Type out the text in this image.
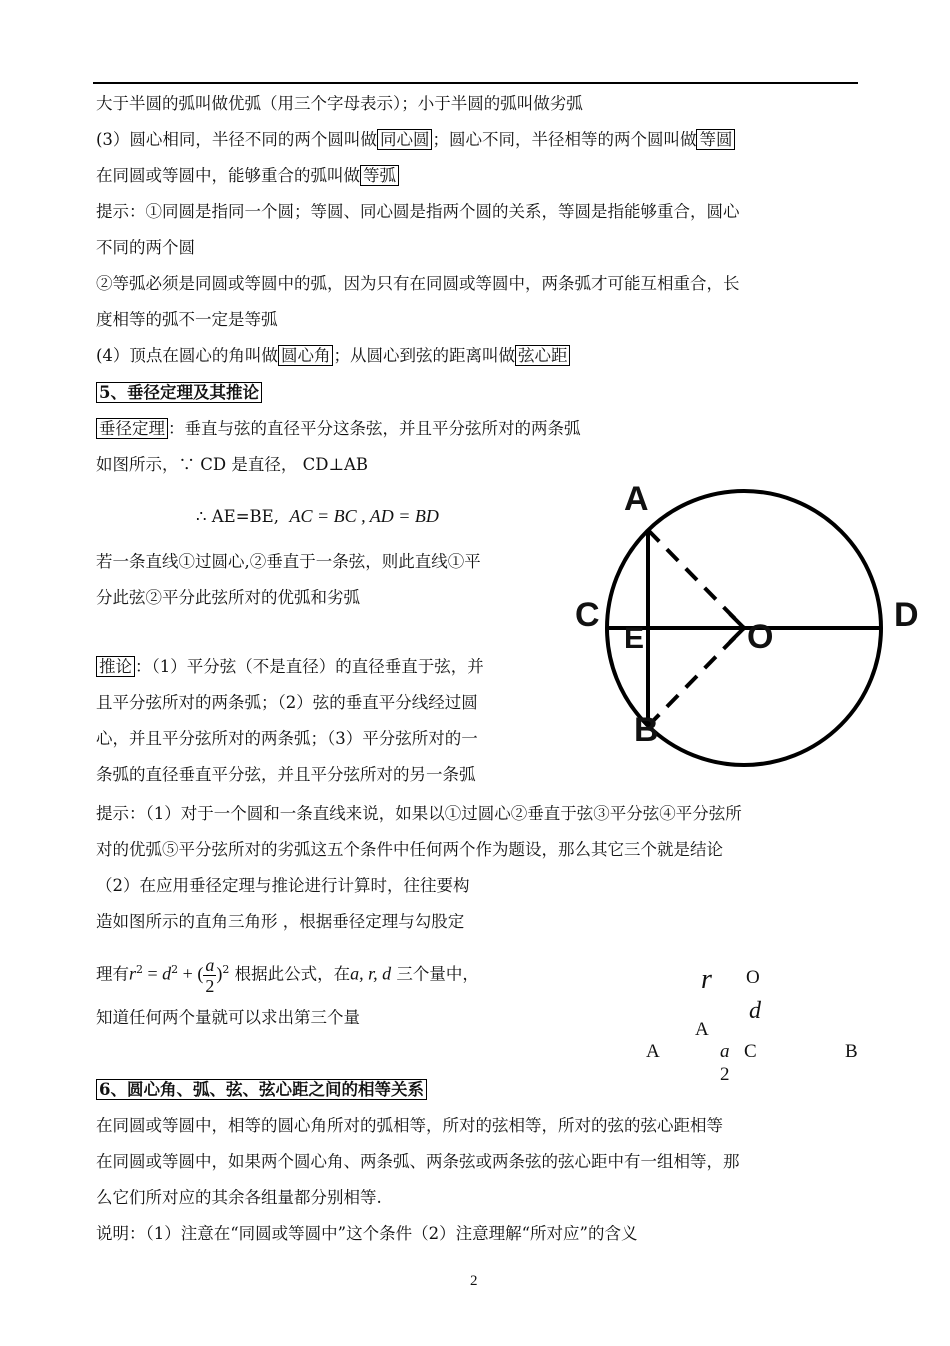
大于半圆的弧叫做优弧（用三个字母表示）；小于半圆的弧叫做劣弧
(3）圆心相同，半径不同的两个圆叫做 同心圆 ；圆心不同，半径相等的两个圆叫做 等圆
在同圆或等圆中，能够重合的弧叫做 等弧
提示：①同圆是指同一个圆；等圆、同心圆是指两个圆的关系，等圆是指能够重合，圆心
不同的两个圆
②等弧必须是同圆或等圆中的弧，因为只有在同圆或等圆中，两条弧才可能互相重合，长
度相等的弧不一定是等弧
(4）顶点在圆心的角叫做 圆心角 ；从圆心到弦的距离叫做 弦心距
5、垂径定理及其推论
垂径定理 ：垂直与弦的直径平分这条弦，并且平分弦所对的两条弧
如图所示，∵ CD 是直径， CD⊥AB
∴ AE=BE, AC = BC , AD = BD
若一条直线①过圆心,②垂直于一条弦，则此直线①平
分此弦②平分此弦所对的优弧和劣弧
推论 ：（1）平分弦（不是直径）的直径垂直于弦，并
且平分弦所对的两条弧；（2）弦的垂直平分线经过圆
心，并且平分弦所对的两条弧；（3）平分弦所对的一
条弧的直径垂直平分弦，并且平分弦所对的另一条弧
提示：（1）对于一个圆和一条直线来说，如果以①过圆心②垂直于弦③平分弦④平分弦所
对的优弧⑤平分弦所对的劣弧这五个条件中任何两个作为题设，那么其它三个就是结论
（2）在应用垂径定理与推论进行计算时，往往要构
造如图所示的直角三角形 ，根据垂径定理与勾股定
理有$r^2 = d^2$ + ( $\frac{a}{2} )^2$ 根据此公式，在a, r, d 三个量中，
知道任何两个量就可以求出第三个量
6、圆心角、弧、弦、弦心距之间的相等关系
在同圆或等圆中，相等的圆心角所对的弧相等，所对的弦相等，所对的弦的弦心距相等
在同圆或等圆中，如果两个圆心角、两条弧、两条弦或两条弦的弦心距中有一组相等，那
么它们所对应的其余各组量都分别相等.
说明：（1）注意在“同圆或等圆中”这个条件（2）注意理解“所对应”的含义
A
B
C	D
E	O
r O
d
A
A	a
2
C	B
2
